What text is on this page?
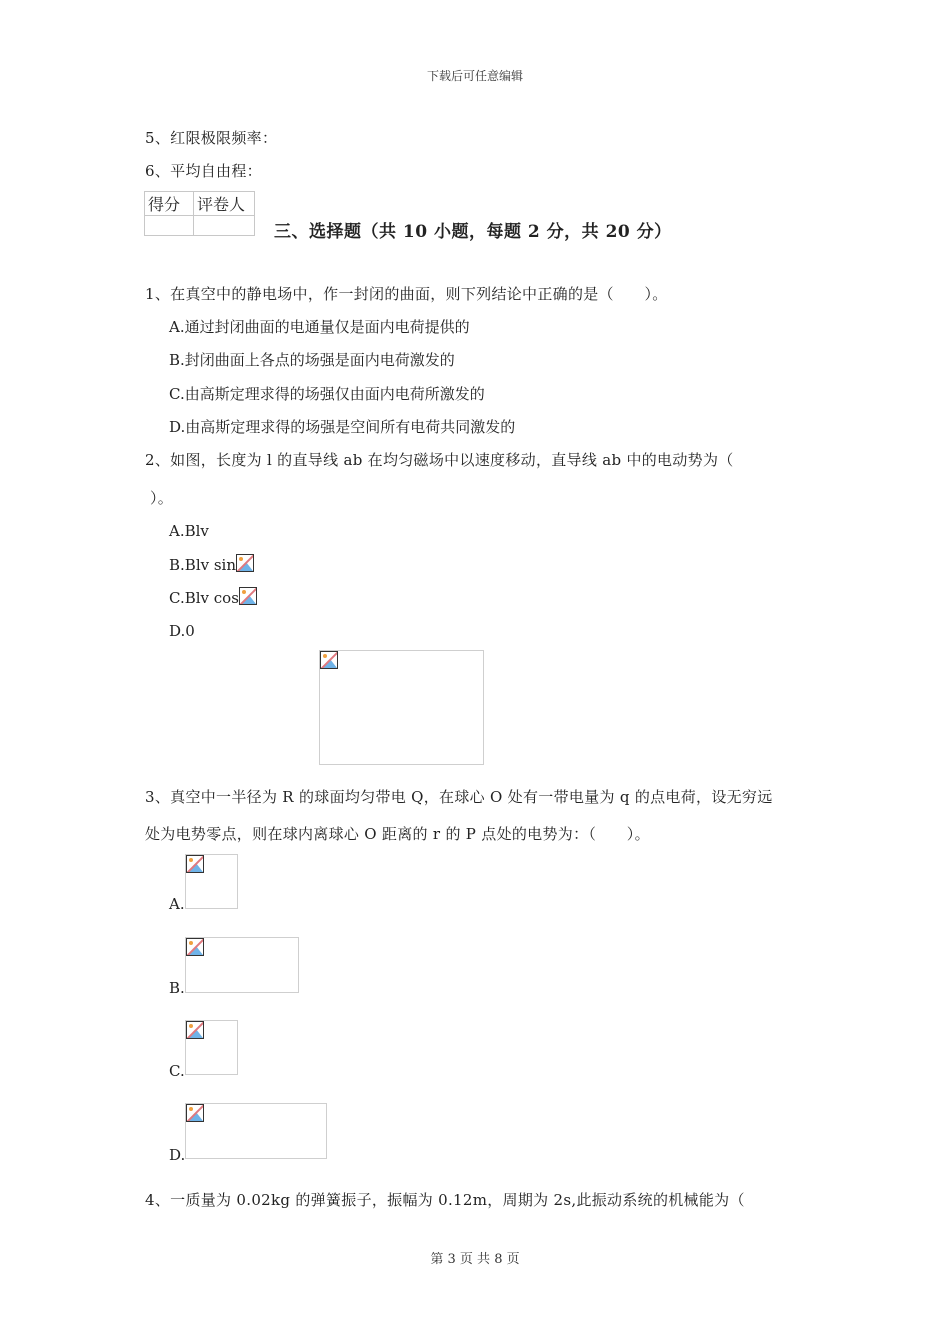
下载后可任意编辑
5、红限极限频率：
6、平均自由程：
得分	评卷人

三、选择题（共 10 小题，每题 2 分，共 20 分）
1、在真空中的静电场中，作一封闭的曲面，则下列结论中正确的是（　　）。
A.通过封闭曲面的电通量仅是面内电荷提供的
B.封闭曲面上各点的场强是面内电荷激发的
C.由高斯定理求得的场强仅由面内电荷所激发的
D.由高斯定理求得的场强是空间所有电荷共同激发的
2、如图，长度为 l 的直导线 ab 在均匀磁场中以速度移动，直导线 ab 中的电动势为（
）。
A.Blv
B.Blv sin
C.Blv cos
D.0
3、真空中一半径为 R 的球面均匀带电 Q，在球心 O 处有一带电量为 q 的点电荷，设无穷远
处为电势零点，则在球内离球心 O 距离的 r 的 P 点处的电势为：（　　）。
A.
B.
C.
D.
4、一质量为 0.02kg 的弹簧振子，振幅为 0.12m，周期为 2s,此振动系统的机械能为（
第 3 页 共 8 页
